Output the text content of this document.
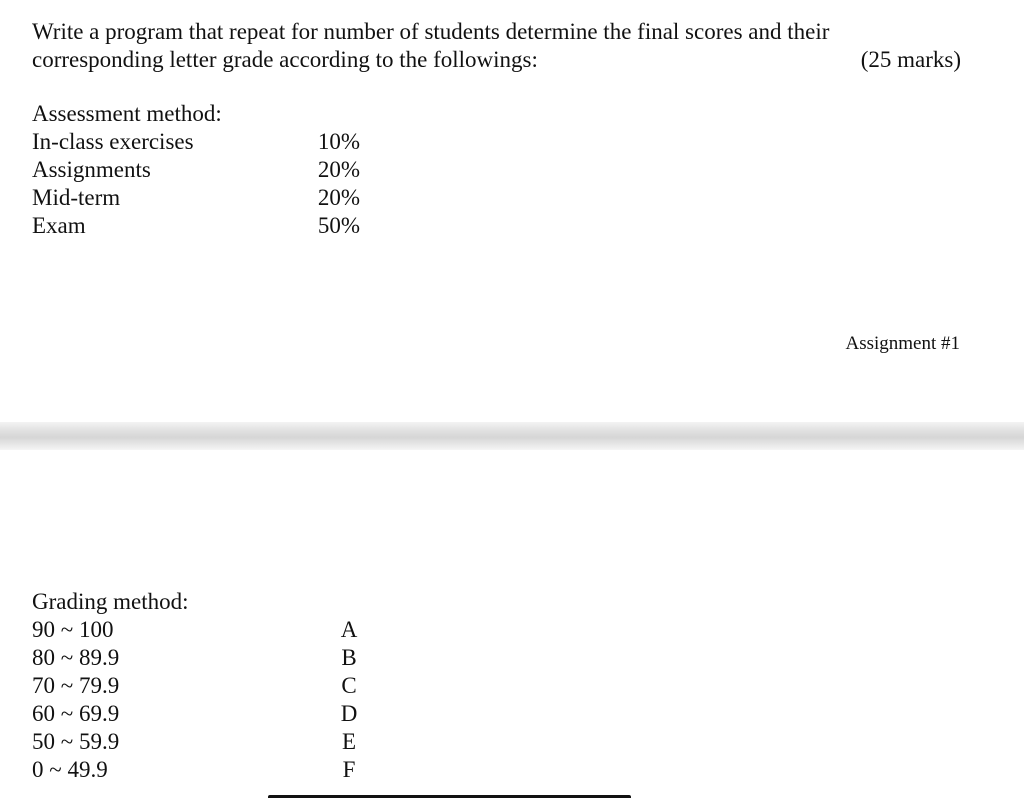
Write a program that repeat for number of students determine the final scores and their
corresponding letter grade according to the followings:	(25 marks)
Assessment method:
In-class exercises	10%
Assignments	20%
Mid-term	20%
Exam	50%
Assignment #1
Grading method:
90 ~ 100	A
80 ~ 89.9	B
70 ~ 79.9	C
60 ~ 69.9	D
50 ~ 59.9	E
0 ~ 49.9	F
